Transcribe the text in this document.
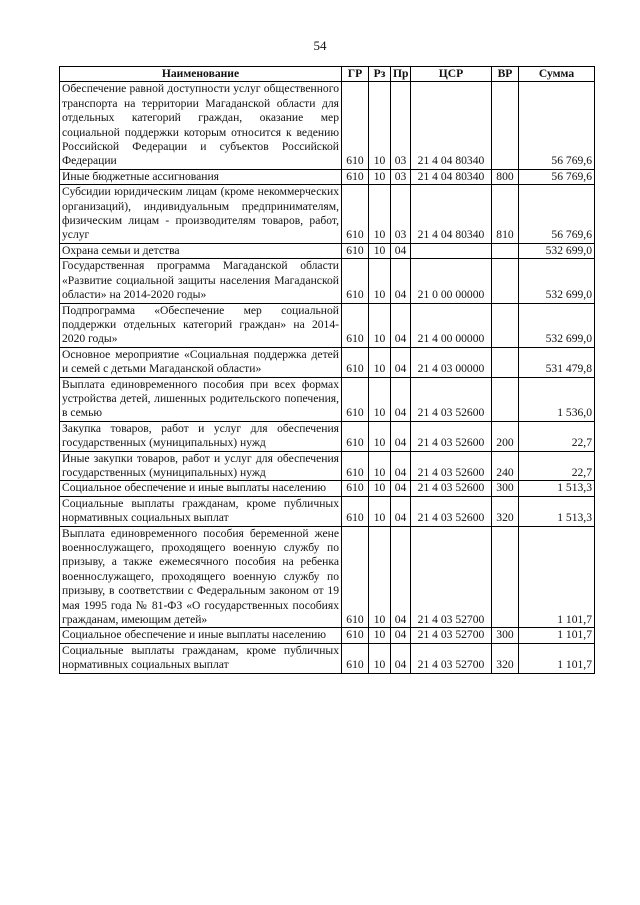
54
Наименование	ГР	Рз	Пр	ЦСР	ВР	Сумма
Обеспечение равной доступности услуг общественного транспорта на территории Магаданской области для отдельных категорий граждан, оказание мер социальной поддержки которым относится к ведению Российской Федерации и субъектов Российской Федерации	610	10	03	21 4 04 80340		56 769,6
Иные бюджетные ассигнования	610	10	03	21 4 04 80340	800	56 769,6
Субсидии юридическим лицам (кроме некоммерческих организаций), индивидуальным предпринимателям, физическим лицам - производителям товаров, работ, услуг	610	10	03	21 4 04 80340	810	56 769,6
Охрана семьи и детства	610	10	04			532 699,0
Государственная программа Магаданской области «Развитие социальной защиты населения Магаданской области» на 2014-2020 годы»	610	10	04	21 0 00 00000		532 699,0
Подпрограмма «Обеспечение мер социальной поддержки отдельных категорий граждан» на 2014-2020 годы»	610	10	04	21 4 00 00000		532 699,0
Основное мероприятие «Социальная поддержка детей и семей с детьми Магаданской области»	610	10	04	21 4 03 00000		531 479,8
Выплата единовременного пособия при всех формах устройства детей, лишенных родительского попечения, в семью	610	10	04	21 4 03 52600		1 536,0
Закупка товаров, работ и услуг для обеспечения государственных (муниципальных) нужд	610	10	04	21 4 03 52600	200	22,7
Иные закупки товаров, работ и услуг для обеспечения государственных (муниципальных) нужд	610	10	04	21 4 03 52600	240	22,7
Социальное обеспечение и иные выплаты населению	610	10	04	21 4 03 52600	300	1 513,3
Социальные выплаты гражданам, кроме публичных нормативных социальных выплат	610	10	04	21 4 03 52600	320	1 513,3
Выплата единовременного пособия беременной жене военнослужащего, проходящего военную службу по призыву, а также ежемесячного пособия на ребенка военнослужащего, проходящего военную службу по призыву, в соответствии с Федеральным законом от 19 мая 1995 года № 81-ФЗ «О государственных пособиях гражданам, имеющим детей»	610	10	04	21 4 03 52700		1 101,7
Социальное обеспечение и иные выплаты населению	610	10	04	21 4 03 52700	300	1 101,7
Социальные выплаты гражданам, кроме публичных нормативных социальных выплат	610	10	04	21 4 03 52700	320	1 101,7
